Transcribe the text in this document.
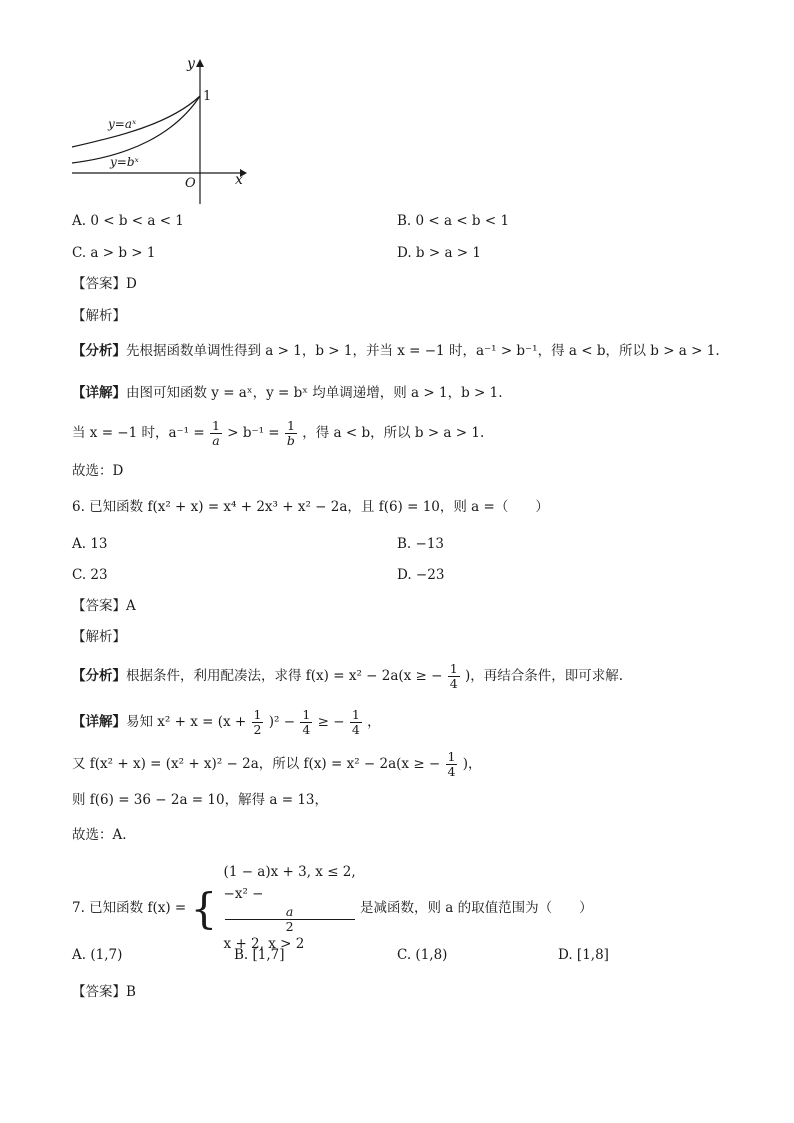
y
1
y=aˣ
y=bˣ
O	x
A. 0 < b < a < 1	B. 0 < a < b < 1
C. a > b > 1	D. b > a > 1
【答案】D
【解析】
【分析】先根据函数单调性得到 a > 1，b > 1，并当 x = −1 时，a⁻¹ > b⁻¹，得 a < b，所以 b > a > 1.
【详解】由图可知函数 y = aˣ，y = bˣ 均单调递增，则 a > 1，b > 1.
当 x = −1 时，$a^{-1} = \frac{1}{a} > b^{-1} = \frac{1}{b}$ ，得 a < b，所以 b > a > 1.
故选：D
6. 已知函数 f(x² + x) = x⁴ + 2x³ + x² − 2a，且 f(6) = 10，则 a =（　　）
A. 13	B. −13
C. 23	D. −23
【答案】A
【解析】
【分析】根据条件，利用配凑法，求得 f(x) = x² − 2a(x ≥ − $\frac{1}{4}$ )，再结合条件，即可求解.
【详解】易知 $x^2 + x = (x + \frac{1}{2} )^2 - \frac{1}{4}$ ≥ − $\frac{1}{4}$ ，
又 f(x² + x) = (x² + x)² − 2a，所以 f(x) = x² − 2a(x ≥ − $\frac{1}{4}$ )，
则 f(6) = 36 − 2a = 10，解得 a = 13，
故选：A.
7. 已知函数 f(x) = {
(1 − a)x + 3, x ≤ 2,
−x² −
a
2
x + 2, x > 2
是减函数，则 a 的取值范围为（　　）
A. (1,7)	B. [1,7]	C. (1,8)	D. [1,8]
【答案】B
